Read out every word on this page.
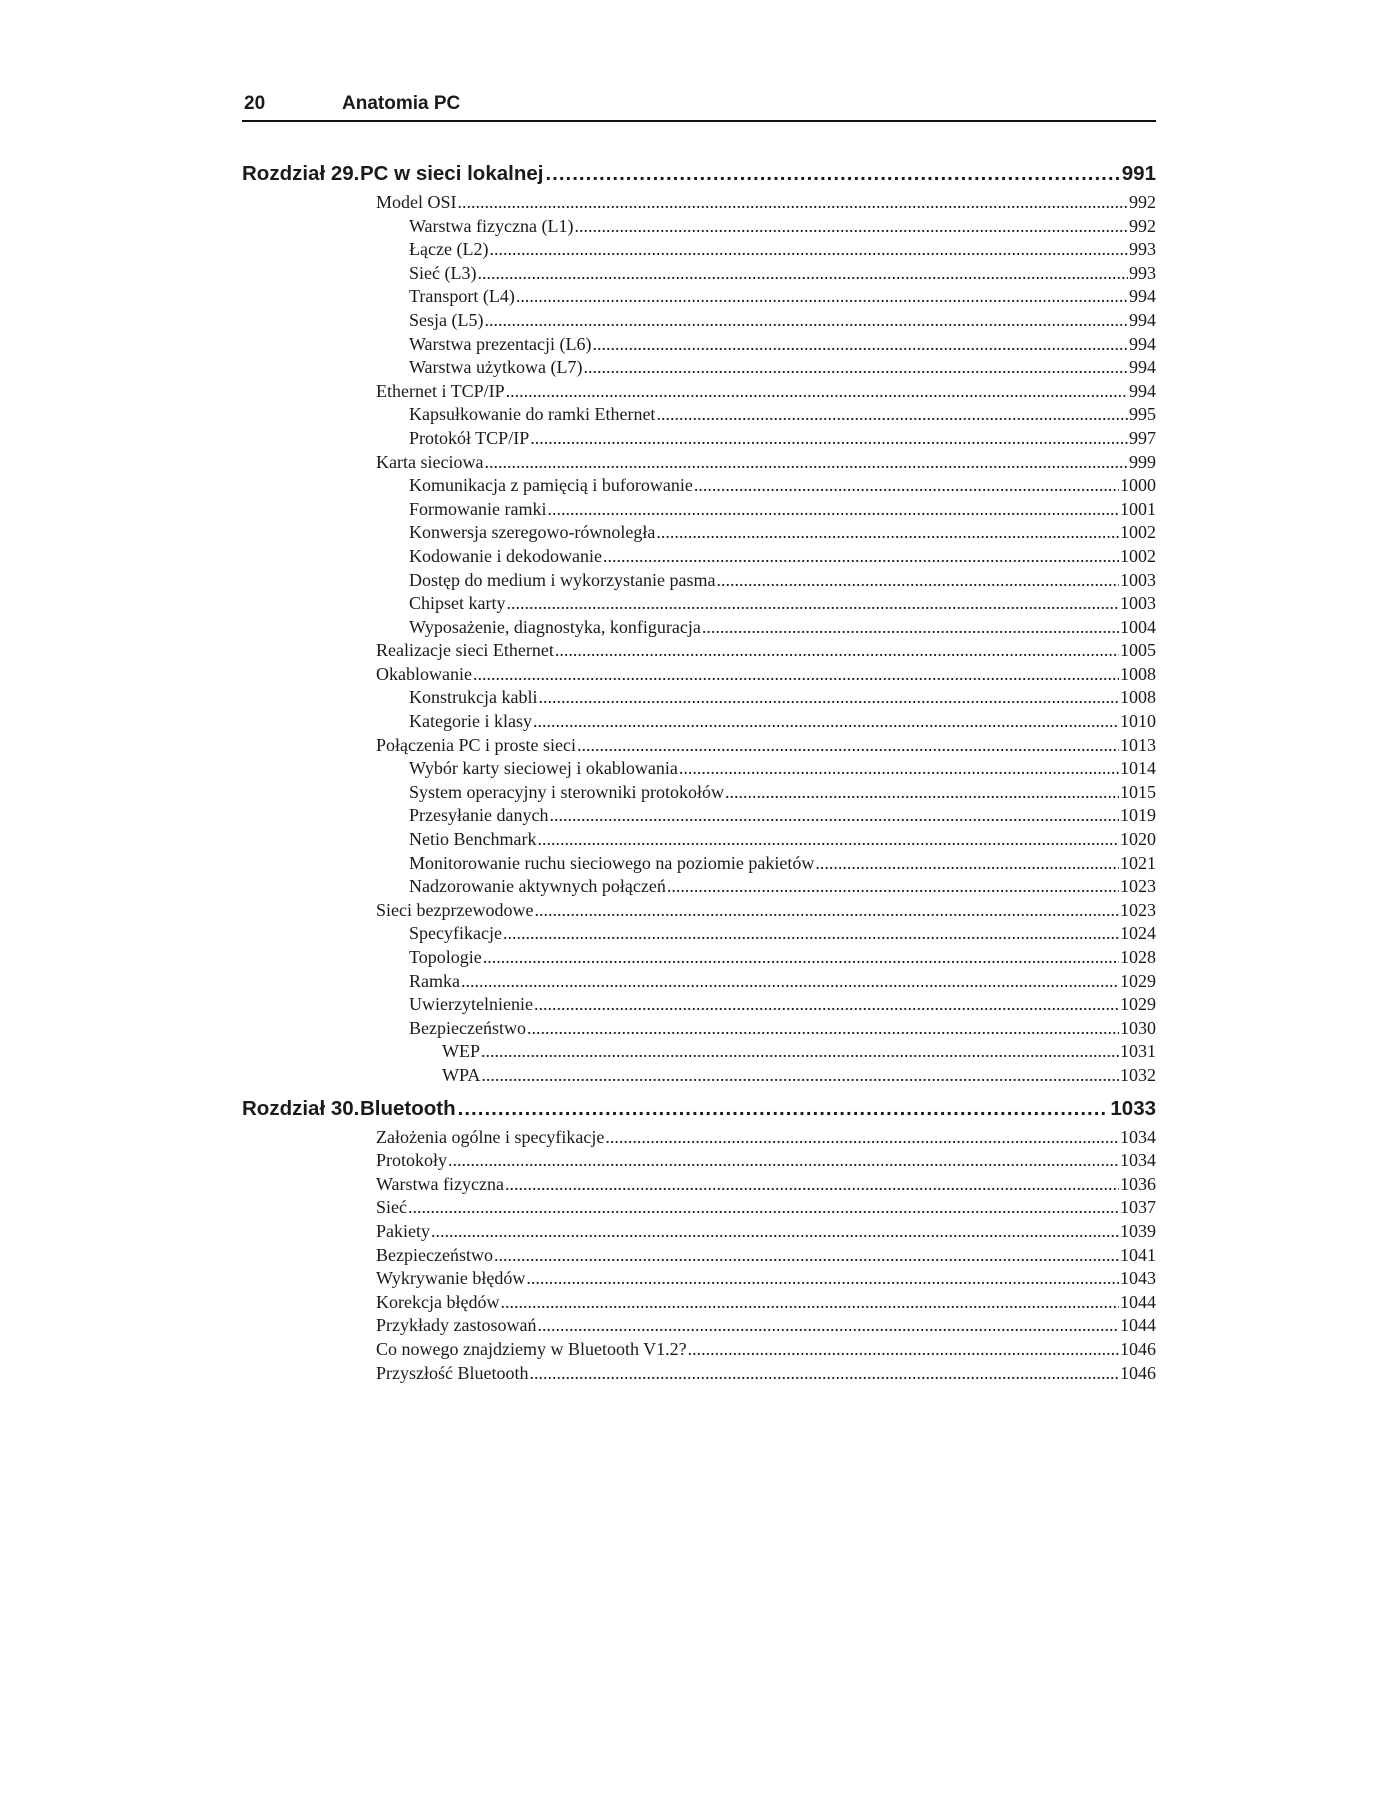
20	Anatomia PC
Rozdział 29. PC w sieci lokalnej .....	991
Model OSI .....	992
Warstwa fizyczna (L1) .....	992
Łącze (L2) .....	993
Sieć (L3) .....	993
Transport (L4) .....	994
Sesja (L5) .....	994
Warstwa prezentacji (L6) .....	994
Warstwa użytkowa (L7) .....	994
Ethernet i TCP/IP .....	994
Kapsułkowanie do ramki Ethernet .....	995
Protokół TCP/IP .....	997
Karta sieciowa .....	999
Komunikacja z pamięcią i buforowanie .....	1000
Formowanie ramki .....	1001
Konwersja szeregowo-równoległa .....	1002
Kodowanie i dekodowanie .....	1002
Dostęp do medium i wykorzystanie pasma .....	1003
Chipset karty .....	1003
Wyposażenie, diagnostyka, konfiguracja .....	1004
Realizacje sieci Ethernet .....	1005
Okablowanie .....	1008
Konstrukcja kabli .....	1008
Kategorie i klasy .....	1010
Połączenia PC i proste sieci .....	1013
Wybór karty sieciowej i okablowania .....	1014
System operacyjny i sterowniki protokołów .....	1015
Przesyłanie danych .....	1019
Netio Benchmark .....	1020
Monitorowanie ruchu sieciowego na poziomie pakietów .....	1021
Nadzorowanie aktywnych połączeń .....	1023
Sieci bezprzewodowe .....	1023
Specyfikacje .....	1024
Topologie .....	1028
Ramka .....	1029
Uwierzytelnienie .....	1029
Bezpieczeństwo .....	1030
WEP .....	1031
WPA .....	1032
Rozdział 30. Bluetooth .....	1033
Założenia ogólne i specyfikacje .....	1034
Protokoły .....	1034
Warstwa fizyczna .....	1036
Sieć .....	1037
Pakiety .....	1039
Bezpieczeństwo .....	1041
Wykrywanie błędów .....	1043
Korekcja błędów .....	1044
Przykłady zastosowań .....	1044
Co nowego znajdziemy w Bluetooth V1.2? .....	1046
Przyszłość Bluetooth .....	1046
